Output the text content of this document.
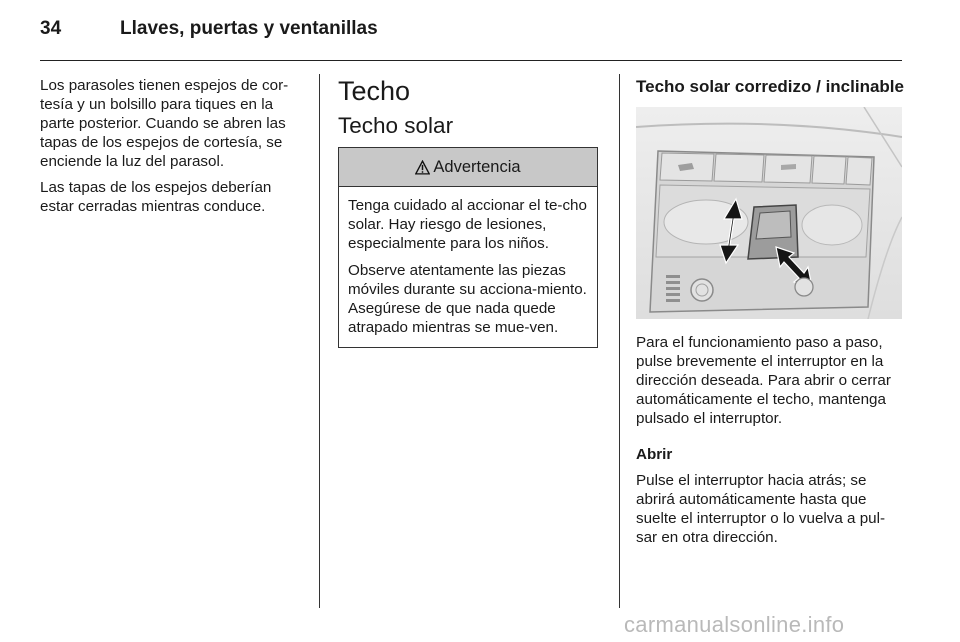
34	Llaves, puertas y ventanillas

Los parasoles tienen espejos de cor-tesía y un bolsillo para tiques en la parte posterior. Cuando se abren las tapas de los espejos de cortesía, se enciende la luz del parasol.

Las tapas de los espejos deberían estar cerradas mientras conduce.

Techo
Techo solar
Advertencia

Tenga cuidado al accionar el te-cho solar. Hay riesgo de lesiones, especialmente para los niños.

Observe atentamente las piezas móviles durante su acciona-miento. Asegúrese de que nada quede atrapado mientras se mue-ven.

Techo solar corredizo / inclinable

Para el funcionamiento paso a paso, pulse brevemente el interruptor en la dirección deseada. Para abrir o cerrar automáticamente el techo, mantenga pulsado el interruptor.

Abrir

Pulse el interruptor hacia atrás; se abrirá automáticamente hasta que suelte el interruptor o lo vuelva a pul-sar en otra dirección.

carmanualsonline.info
